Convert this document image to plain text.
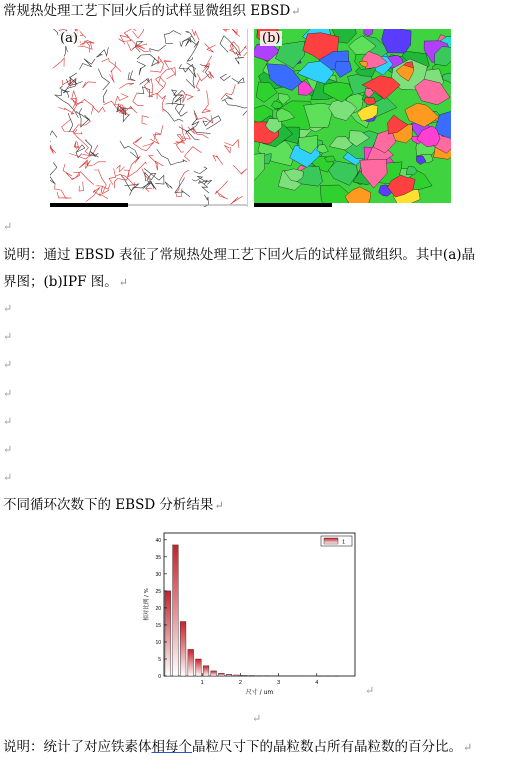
常规热处理工艺下回火后的试样显微组织 EBSD↵
(a)	(b)
↵
说明：通过 EBSD 表征了常规热处理工艺下回火后的试样显微组织。其中(a)晶
界图；(b)IPF 图。↵
↵
↵
↵
↵
↵
↵
↵
不同循环次数下的 EBSD 分析结果↵
0
5
10
15
20
25
30
35
40
1	2	3	4
尺寸 / um
相对比例 / %
1
↵
↵
说明：统计了对应铁素体相每个晶粒尺寸下的晶粒数占所有晶粒数的百分比。↵
